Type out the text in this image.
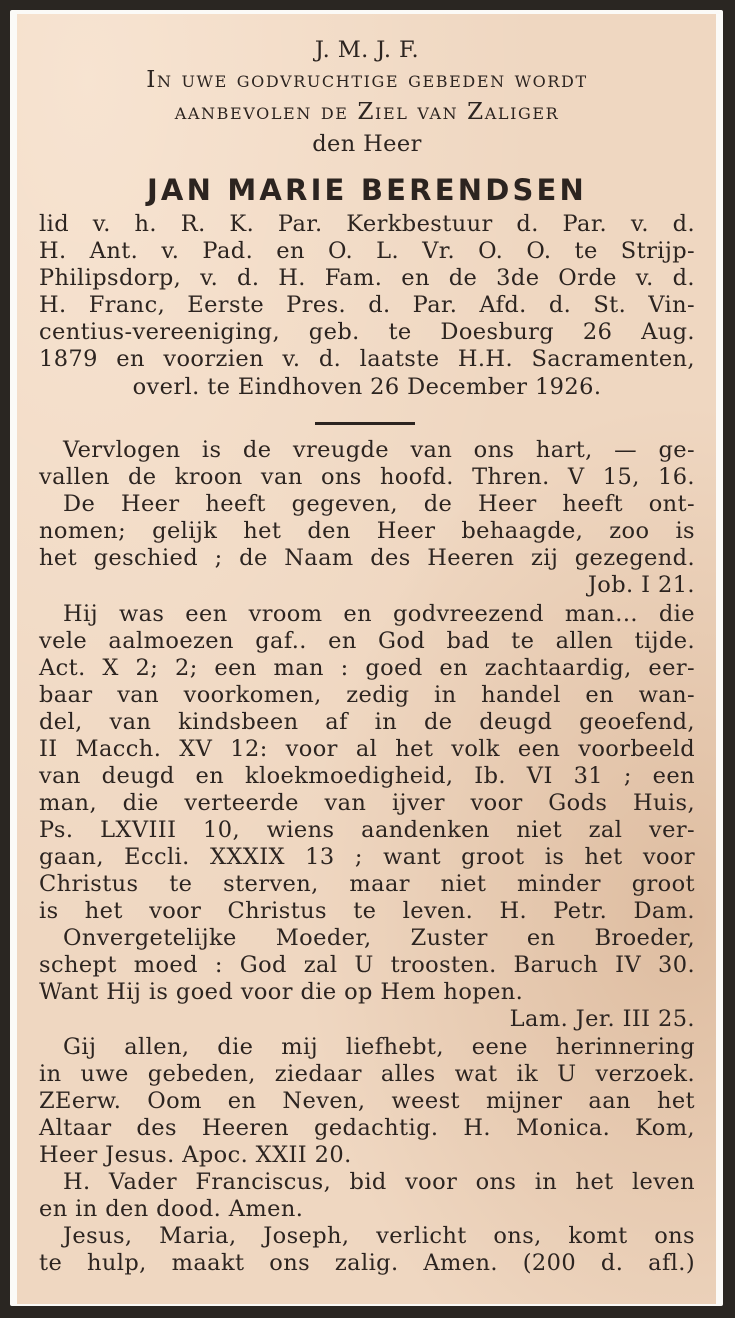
J. M. J. F.
In uwe godvruchtige gebeden wordt
aanbevolen de Ziel van Zaliger
den Heer
JAN MARIE BERENDSEN
lid v. h. R. K. Par. Kerkbestuur d. Par. v. d.
H. Ant. v. Pad. en O. L. Vr. O. O. te Strijp-
Philipsdorp, v. d. H. Fam. en de 3de Orde v. d.
H. Franc, Eerste Pres. d. Par. Afd. d. St. Vin-
centius-vereeniging, geb. te Doesburg 26 Aug.
1879 en voorzien v. d. laatste H.H. Sacramenten,
overl. te Eindhoven 26 December 1926.
Vervlogen is de vreugde van ons hart, — ge-
vallen de kroon van ons hoofd. Thren. V 15, 16.
De Heer heeft gegeven, de Heer heeft ont-
nomen; gelijk het den Heer behaagde, zoo is
het geschied ; de Naam des Heeren zij gezegend.
Job. I 21.
Hij was een vroom en godvreezend man... die
vele aalmoezen gaf.. en God bad te allen tijde.
Act. X 2; 2; een man : goed en zachtaardig, eer-
baar van voorkomen, zedig in handel en wan-
del, van kindsbeen af in de deugd geoefend,
II Macch. XV 12: voor al het volk een voorbeeld
van deugd en kloekmoedigheid, Ib. VI 31 ; een
man, die verteerde van ijver voor Gods Huis,
Ps. LXVIII 10, wiens aandenken niet zal ver-
gaan, Eccli. XXXIX 13 ; want groot is het voor
Christus te sterven, maar niet minder groot
is het voor Christus te leven. H. Petr. Dam.
Onvergetelijke Moeder, Zuster en Broeder,
schept moed : God zal U troosten. Baruch IV 30.
Want Hij is goed voor die op Hem hopen.
Lam. Jer. III 25.
Gij allen, die mij liefhebt, eene herinnering
in uwe gebeden, ziedaar alles wat ik U verzoek.
ZEerw. Oom en Neven, weest mijner aan het
Altaar des Heeren gedachtig. H. Monica. Kom,
Heer Jesus. Apoc. XXII 20.
H. Vader Franciscus, bid voor ons in het leven
en in den dood. Amen.
Jesus, Maria, Joseph, verlicht ons, komt ons
te hulp, maakt ons zalig. Amen. (200 d. afl.)
